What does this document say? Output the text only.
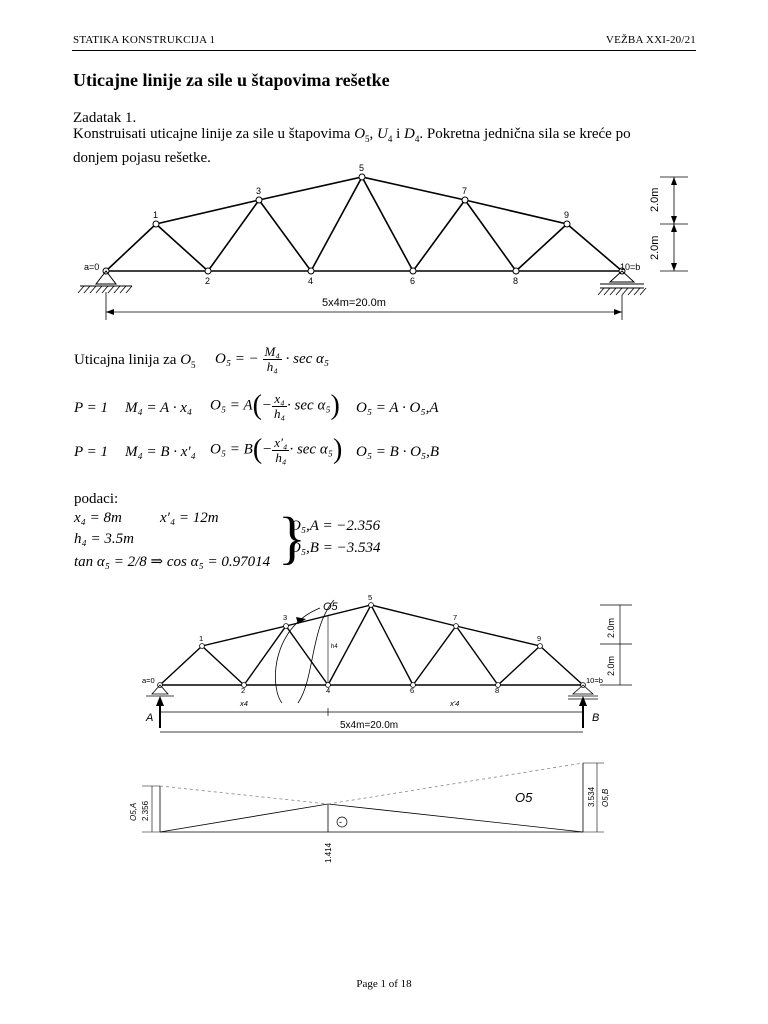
STATIKA KONSTRUKCIJA 1	VEŽBA XXI-20/21
Uticajne linije za sile u štapovima rešetke
Zadatak 1.
Konstruisati uticajne linije za sile u štapovima $O_5$, $U_4$ i $D_4$. Pokretna jednična sila se kreće po donjem pojasu rešetke.
1
2
3
4
5
6
7
8
9
a=0	10=b
2.0m
2.0m
5x4m=20.0m
Uticajna linija za $O_5$ O₅ = − $\frac{\text{M₄}}{\text{h₄}} \cdot \sec \alpha_5$
P = 1 M₄ = A · x₄ $O_5 = A(- \frac{\text{x₄}}{\text{h₄}} \cdot \sec \alpha_5)$ O₅ = A · O₅,A
P = 1 M₄ = B · x′₄ $O_5 = B(- \frac{\text{x′₄}}{\text{h₄}} \cdot \sec \alpha_5)$ O₅ = B · O₅,B
podaci:
x₄ = 8m	x′₄ = 12m
h₄ = 3.5m
tan α₅ = 2/8 ⇒ cos α₅ = 0.97014 }
O₅,A = −2.356
O₅,B = −3.534
1
2
3
4
5
6
7
8
9
a=0	10=b
h4
x4	x'4
O5
2.0m
2.0m
A	B
5x4m=20.0m
2.356
O5,A
3.534 O5,B
1.414
O5
-
Page 1 of 18
